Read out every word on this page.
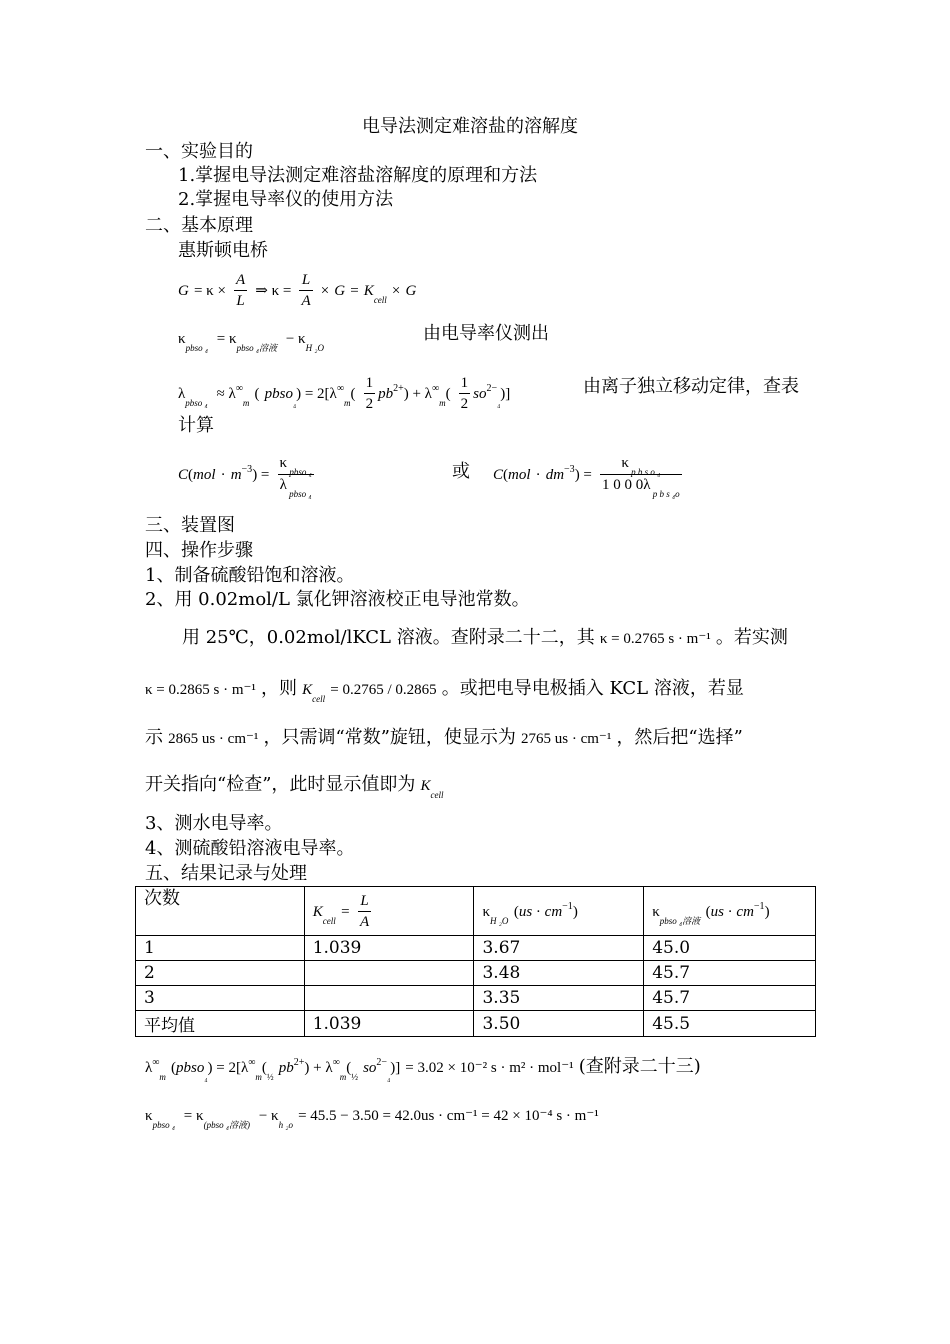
电导法测定难溶盐的溶解度
一、实验目的
1.掌握电导法测定难溶盐溶解度的原理和方法
2.掌握电导率仪的使用方法
二、基本原理
惠斯顿电桥
$G = \kappa \times \frac{A}{L}$ ⇒ $\kappa = \frac{L}{A} \times G = K_{cell} \times G$
$\kappa_{pbso _4} = \kappa_{pbso _4溶液} - \kappa_{H _2O}$
由电导率仪测出
$\lambda_{pbso _4} \approx \lambda^\infty_m$ ( pbso$_{_4}$) = $2[\lambda^\infty_m( \frac{1}{2} pb^{2+}) + \lambda^\infty_m( \frac{1}{2} so^{2-}_{_4})]$	由离子独立移动定律，查表
计算
$C(mol \cdot m^{-3}) = \frac{\kappa _{pbso _4}}{\lambda _{pbso _4}}$	或 $C(mol \cdot dm^{-3}) = \frac{\kappa _{p b s o _4}}{1 0 0 0\lambda _{p b s _4o}}$
三、装置图
四、操作步骤
1、制备硫酸铅饱和溶液。
2、用 0.02mol/L 氯化钾溶液校正电导池常数。
用 25℃，0.02mol/lKCL 溶液。查附录二十二，其 κ = 0.2765 s · m⁻¹ 。若实测
κ = 0.2865 s · m⁻¹ ，则 $K_{cell} = 0.2765 / 0.2865$ 。或把电导电极插入 KCL 溶液，若显
示 2865 us · cm⁻¹ ，只需调“常数”旋钮，使显示为 2765 us · cm⁻¹ ，然后把“选择”
开关指向“检查”，此时显示值即为 $K_{cell}$
3、测水电导率。
4、测硫酸铅溶液电导率。
五、结果记录与处理
次数	$K_{cell} = \frac{L}{A}$	$\kappa_{H _2O}$ $(us \cdot cm^{-1})$	$\kappa_{pbso _4溶液}$ $(us \cdot cm^{-1})$
1	1.039	3.67	45.0
2		3.48	45.7
3		3.35	45.7
平均值	1.039	3.50	45.5
$\lambda^\infty_m$ (pbso$_{_4}$) = $2[\lambda^\infty_m(_{\frac{1}{2}}$ $pb^{2+}) + \lambda^\infty_m(_{\frac{1}{2}}$ $so^{2-}_{_4})] = 3.02 \times 10^{-2}$ s · m² · mol⁻¹ (查附录二十三)
$\kappa_{pbso _4} = \kappa_{(pbso _4溶液)} - \kappa_{h _2o} = 45.5 - 3.50 = 42.0us \cdot cm^{-1} = 42 \times 10^{-4}$ s · m⁻¹
